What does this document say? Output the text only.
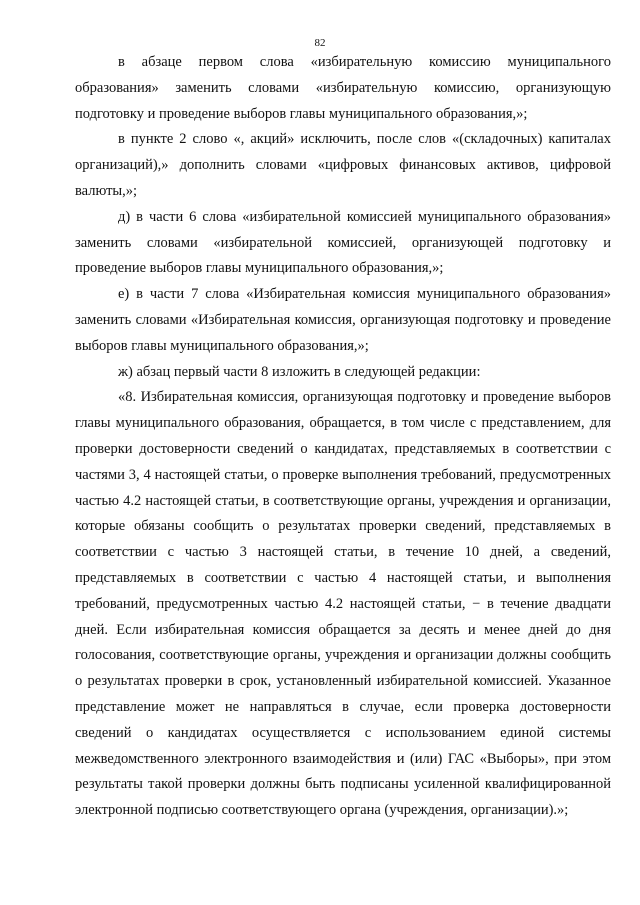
82

в абзаце первом слова «избирательную комиссию муниципального образования» заменить словами «избирательную комиссию, организующую подготовку и проведение выборов главы муниципального образования,»;

в пункте 2 слово «, акций» исключить, после слов «(складочных) капиталах организаций),» дополнить словами «цифровых финансовых активов, цифровой валюты,»;

д) в части 6 слова «избирательной комиссией муниципального образования» заменить словами «избирательной комиссией, организующей подготовку и проведение выборов главы муниципального образования,»;

е) в части 7 слова «Избирательная комиссия муниципального образования» заменить словами «Избирательная комиссия, организующая подготовку и проведение выборов главы муниципального образования,»;

ж) абзац первый части 8 изложить в следующей редакции:

«8. Избирательная комиссия, организующая подготовку и проведение выборов главы муниципального образования, обращается, в том числе с представлением, для проверки достоверности сведений о кандидатах, представляемых в соответствии с частями 3, 4 настоящей статьи, о проверке выполнения требований, предусмотренных частью 4.2 настоящей статьи, в соответствующие органы, учреждения и организации, которые обязаны сообщить о результатах проверки сведений, представляемых в соответствии с частью 3 настоящей статьи, в течение 10 дней, а сведений, представляемых в соответствии с частью 4 настоящей статьи, и выполнения требований, предусмотренных частью 4.2 настоящей статьи, − в течение двадцати дней. Если избирательная комиссия обращается за десять и менее дней до дня голосования, соответствующие органы, учреждения и организации должны сообщить о результатах проверки в срок, установленный избирательной комиссией. Указанное представление может не направляться в случае, если проверка достоверности сведений о кандидатах осуществляется с использованием единой системы межведомственного электронного взаимодействия и (или) ГАС «Выборы», при этом результаты такой проверки должны быть подписаны усиленной квалифицированной электронной подписью соответствующего органа (учреждения, организации).»;
